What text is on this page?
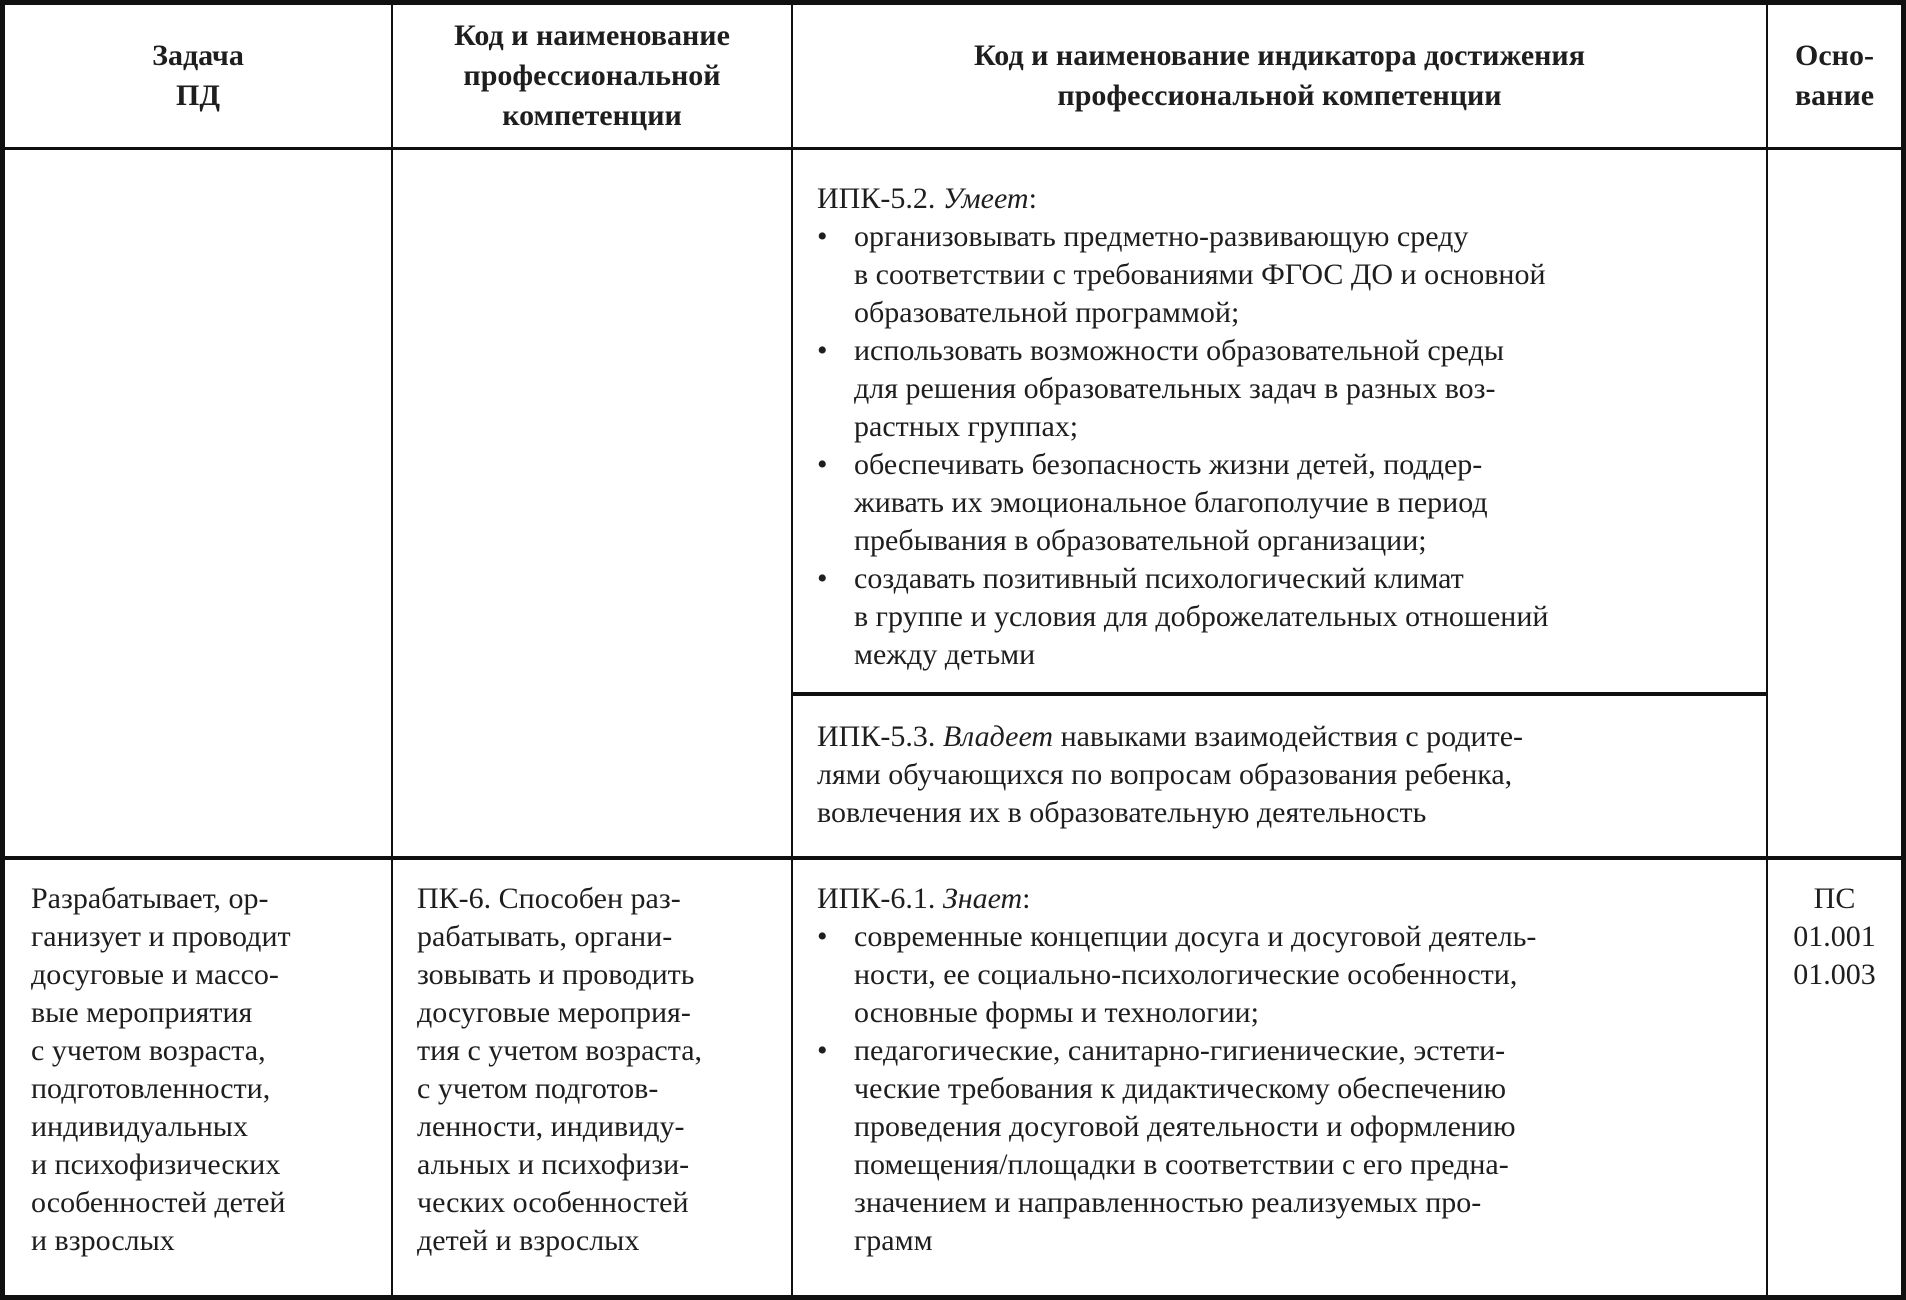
Задача
ПД
Код и наименование
профессиональной
компетенции
Код и наименование индикатора достижения
профессиональной компетенции
Осно-
вание
ИПК-5.2. Умеет:
• организовывать предметно-развивающую среду
в соответствии с требованиями ФГОС ДО и основной
образовательной программой;
• использовать возможности образовательной среды
для решения образовательных задач в разных воз-
растных группах;
• обеспечивать безопасность жизни детей, поддер-
живать их эмоциональное благополучие в период
пребывания в образовательной организации;
• создавать позитивный психологический климат
в группе и условия для доброжелательных отношений
между детьми
ИПК-5.3. Владеет навыками взаимодействия с родите-
лями обучающихся по вопросам образования ребенка,
вовлечения их в образовательную деятельность
Разрабатывает, ор-
ганизует и проводит
досуговые и массо-
вые мероприятия
с учетом возраста,
подготовленности,
индивидуальных
и психофизических
особенностей детей
и взрослых
ПК-6. Способен раз-
рабатывать, органи-
зовывать и проводить
досуговые мероприя-
тия с учетом возраста,
с учетом подготов-
ленности, индивиду-
альных и психофизи-
ческих особенностей
детей и взрослых
ИПК-6.1. Знает:
• современные концепции досуга и досуговой деятель-
ности, ее социально-психологические особенности,
основные формы и технологии;
• педагогические, санитарно-гигиенические, эстети-
ческие требования к дидактическому обеспечению
проведения досуговой деятельности и оформлению
помещения/площадки в соответствии с его предна-
значением и направленностью реализуемых про-
грамм
ПС
01.001
01.003
